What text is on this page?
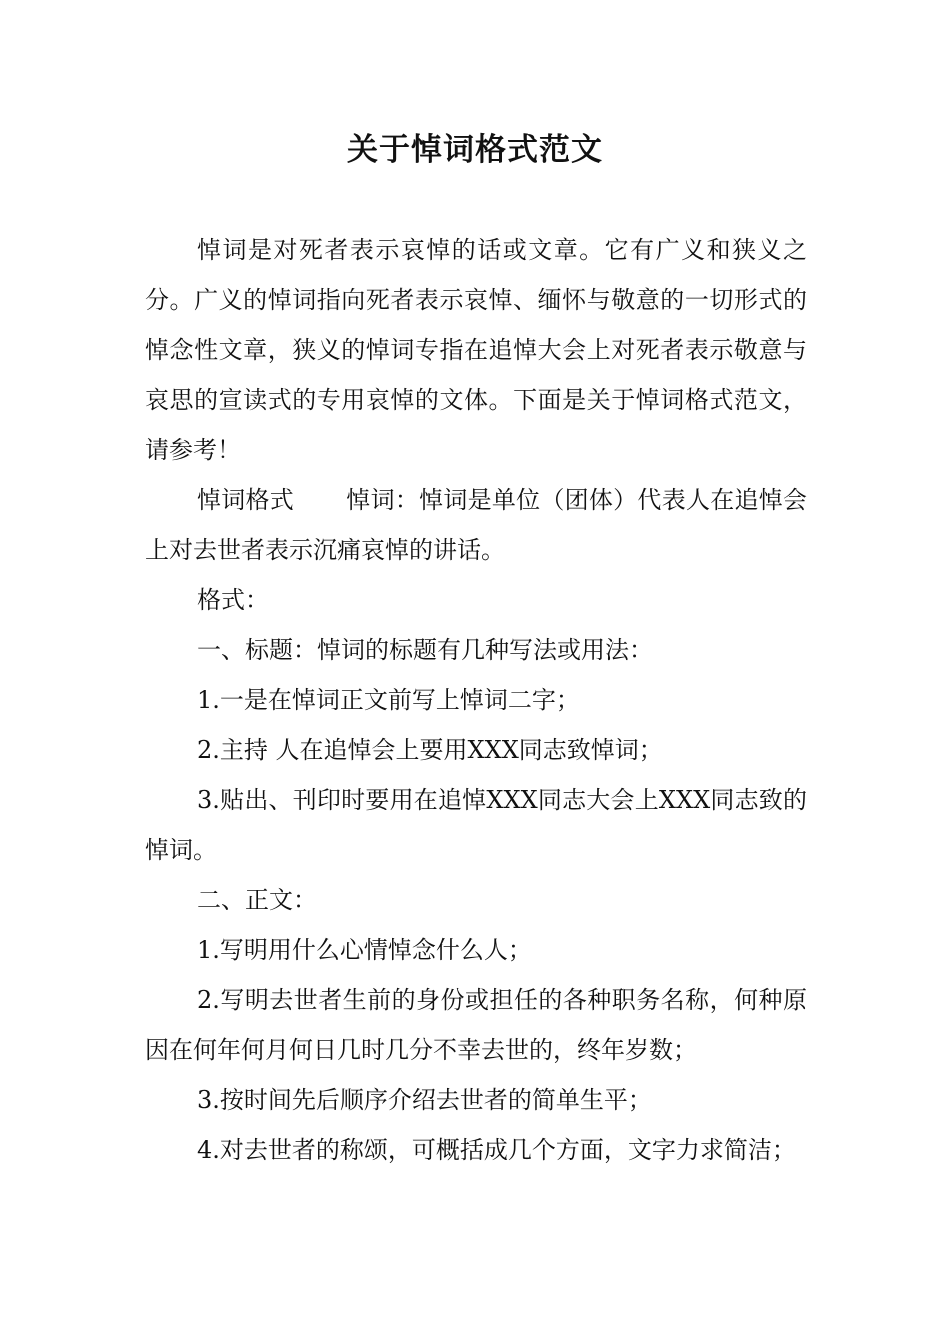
关于悼词格式范文

悼词是对死者表示哀悼的话或文章。它有广义和狭义之分。广义的悼词指向死者表示哀悼、缅怀与敬意的一切形式的悼念性文章，狭义的悼词专指在追悼大会上对死者表示敬意与哀思的宣读式的专用哀悼的文体。下面是关于悼词格式范文，请参考！

悼词格式 悼词：悼词是单位（团体）代表人在追悼会上对去世者表示沉痛哀悼的讲话。

格式：

一、标题：悼词的标题有几种写法或用法：

1.一是在悼词正文前写上悼词二字；

2.主持 人在追悼会上要用XXX同志致悼词；

3.贴出、刊印时要用在追悼XXX同志大会上XXX同志致的悼词。

二、正文：

1.写明用什么心情悼念什么人；

2.写明去世者生前的身份或担任的各种职务名称，何种原因在何年何月何日几时几分不幸去世的，终年岁数；

3.按时间先后顺序介绍去世者的简单生平；

4.对去世者的称颂，可概括成几个方面，文字力求简洁；
